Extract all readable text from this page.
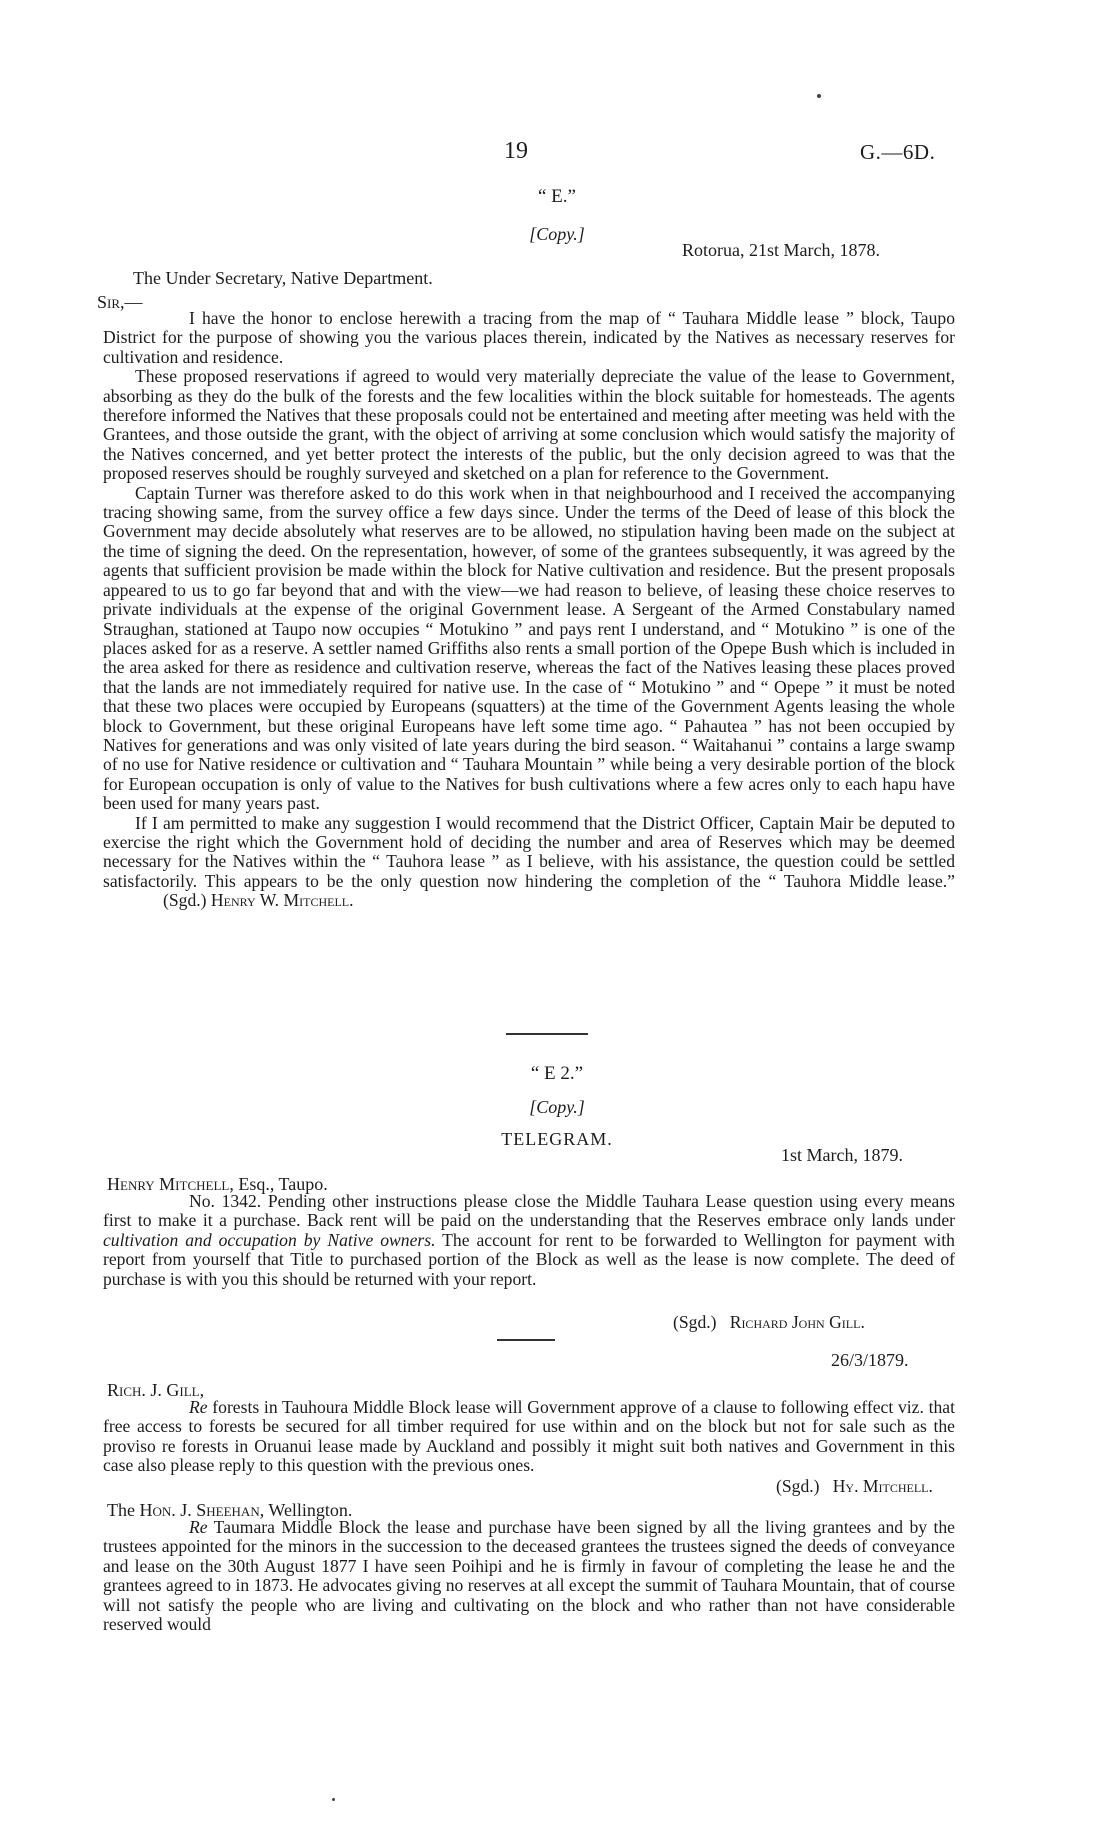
19	G.—6D.
“ E.”
[Copy.]
Rotorua, 21st March, 1878.
The Under Secretary, Native Department.
Sir,—

I have the honor to enclose herewith a tracing from the map of “ Tauhara Middle lease ” block, Taupo District for the purpose of showing you the various places therein, indicated by the Natives as necessary reserves for cultivation and residence.

These proposed reservations if agreed to would very materially depreciate the value of the lease to Government, absorbing as they do the bulk of the forests and the few localities within the block suitable for homesteads. The agents therefore informed the Natives that these proposals could not be entertained and meeting after meeting was held with the Grantees, and those outside the grant, with the object of arriving at some conclusion which would satisfy the majority of the Natives concerned, and yet better protect the interests of the public, but the only decision agreed to was that the proposed reserves should be roughly surveyed and sketched on a plan for reference to the Government.

Captain Turner was therefore asked to do this work when in that neighbourhood and I received the accompanying tracing showing same, from the survey office a few days since. Under the terms of the Deed of lease of this block the Government may decide absolutely what reserves are to be allowed, no stipulation having been made on the subject at the time of signing the deed. On the representation, however, of some of the grantees subsequently, it was agreed by the agents that sufficient provision be made within the block for Native cultivation and residence. But the present proposals appeared to us to go far beyond that and with the view—we had reason to believe, of leasing these choice reserves to private individuals at the expense of the original Government lease. A Sergeant of the Armed Constabulary named Straughan, stationed at Taupo now occupies “ Motukino ” and pays rent I understand, and “ Motukino ” is one of the places asked for as a reserve. A settler named Griffiths also rents a small portion of the Opepe Bush which is included in the area asked for there as residence and cultivation reserve, whereas the fact of the Natives leasing these places proved that the lands are not immediately required for native use. In the case of “ Motukino ” and “ Opepe ” it must be noted that these two places were occupied by Europeans (squatters) at the time of the Government Agents leasing the whole block to Government, but these original Europeans have left some time ago. “ Pahautea ” has not been occupied by Natives for generations and was only visited of late years during the bird season. “ Waitahanui ” contains a large swamp of no use for Native residence or cultivation and “ Tauhara Mountain ” while being a very desirable portion of the block for European occupation is only of value to the Natives for bush cultivations where a few acres only to each hapu have been used for many years past.

If I am permitted to make any suggestion I would recommend that the District Officer, Captain Mair be deputed to exercise the right which the Government hold of deciding the number and area of Reserves which may be deemed necessary for the Natives within the “ Tauhora lease ” as I believe, with his assistance, the question could be settled satisfactorily. This appears to be the only question now hindering the completion of the “ Tauhora Middle lease.”(Sgd.) Henry W. Mitchell.

“ E 2.”
[Copy.]
TELEGRAM.
1st March, 1879.
Henry Mitchell, Esq., Taupo.

No. 1342. Pending other instructions please close the Middle Tauhara Lease question using every means first to make it a purchase. Back rent will be paid on the understanding that the Reserves embrace only lands under cultivation and occupation by Native owners. The account for rent to be forwarded to Wellington for payment with report from yourself that Title to purchased portion of the Block as well as the lease is now complete. The deed of purchase is with you this should be returned with your report.

(Sgd.) Richard John Gill.
26/3/1879.
Rich. J. Gill,

Re forests in Tauhoura Middle Block lease will Government approve of a clause to following effect viz. that free access to forests be secured for all timber required for use within and on the block but not for sale such as the proviso re forests in Oruanui lease made by Auckland and possibly it might suit both natives and Government in this case also please reply to this question with the previous ones.

(Sgd.) Hy. Mitchell.
The Hon. J. Sheehan, Wellington.

Re Taumara Middle Block the lease and purchase have been signed by all the living grantees and by the trustees appointed for the minors in the succession to the deceased grantees the trustees signed the deeds of conveyance and lease on the 30th August 1877 I have seen Poihipi and he is firmly in favour of completing the lease he and the grantees agreed to in 1873. He advocates giving no reserves at all except the summit of Tauhara Mountain, that of course will not satisfy the people who are living and cultivating on the block and who rather than not have considerable reserved would
